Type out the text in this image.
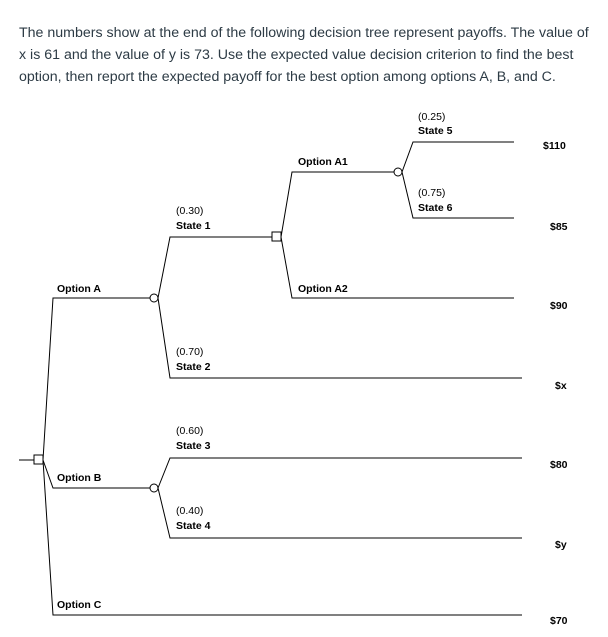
The numbers show at the end of the following decision tree represent payoffs. The value of x is 61 and the value of y is 73. Use the expected value decision criterion to find the best option, then report the expected payoff for the best option among options A, B, and C.

Option A
Option B
Option C
Option A1
Option A2
(0.30)
State 1
(0.70)
State 2
(0.60)
State 3
(0.40)
State 4
(0.25)
State 5
(0.75)
State 6
$110
$85
$90
$x
$80
$y
$70
